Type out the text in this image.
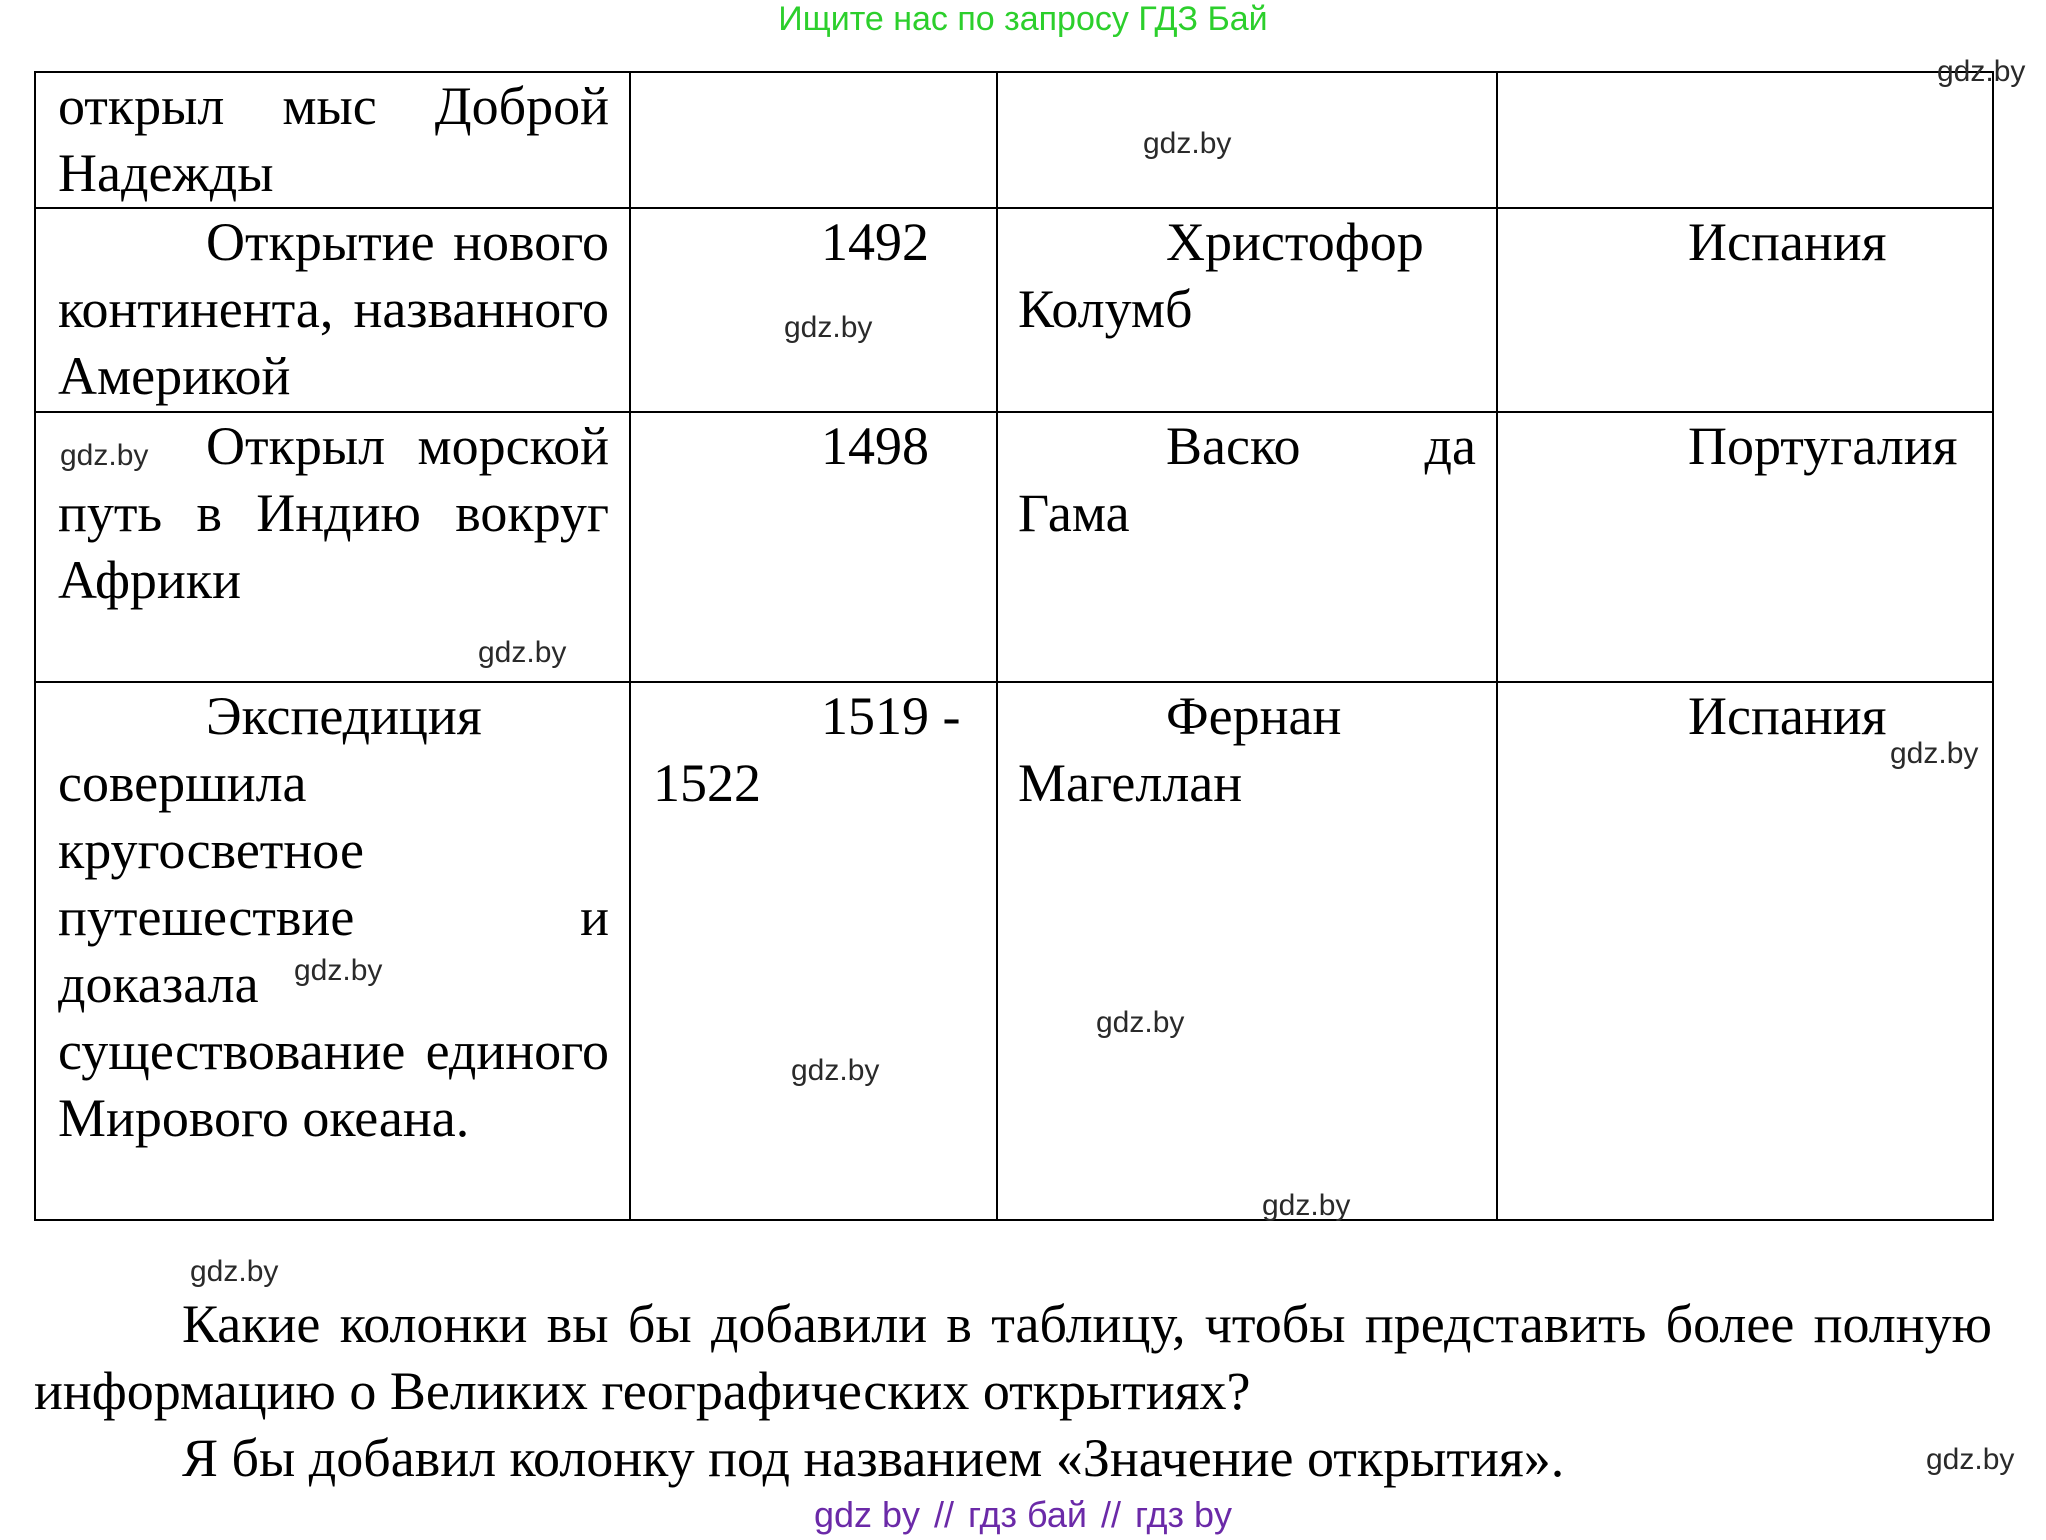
Ищите нас по запросу ГДЗ Бай
открыл мыс Доброй Надежды			
Открытие нового континента, названного Америкой	1492	Христофор Колумб	Испания
Открыл морской путь в Индию вокруг Африки	1498	Васко да Гама	Португалия
Экспедиция совершила кругосветное путешествие и доказала существование единого Мирового океана.	1519 - 1522	Фернан Магеллан	Испания
Какие колонки вы бы добавили в таблицу, чтобы представить более полную информацию о Великих географических открытиях?
Я бы добавил колонку под названием «Значение открытия».
gdz.by
gdz.by
gdz.by
gdz.by
gdz.by
gdz.by
gdz.by
gdz.by
gdz.by
gdz.by
gdz.by
gdz.by
gdz by // гдз бай // гдз by
